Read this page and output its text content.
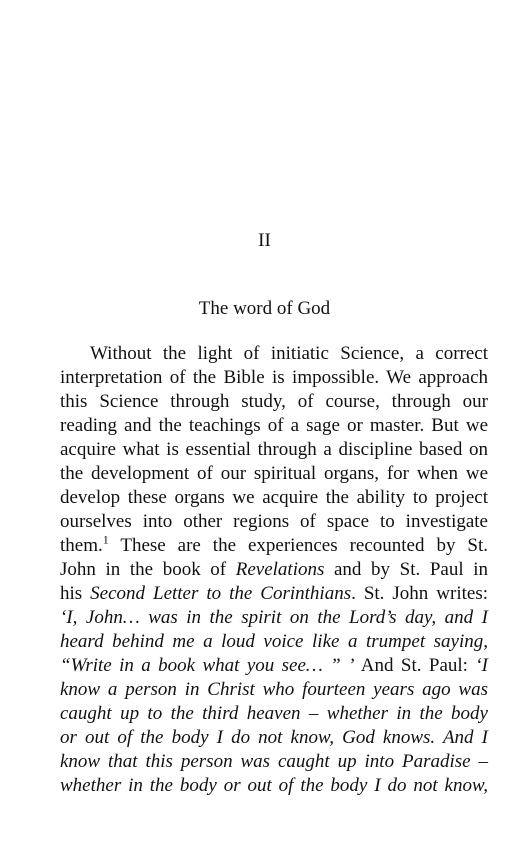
II
The word of God
Without the light of initiatic Science, a correct
interpretation of the Bible is impossible. We approach
this Science through study, of course, through our
reading and the teachings of a sage or master. But we
acquire what is essential through a discipline based on
the development of our spiritual organs, for when we
develop these organs we acquire the ability to project
ourselves into other regions of space to investigate
them.$^1$ These are the experiences recounted by St.
John in the book of Revelations and by St. Paul in
his Second Letter to the Corinthians. St. John writes:
‘I, John… was in the spirit on the Lord’s day, and I
heard behind me a loud voice like a trumpet saying,
“Write in a book what you see… ” ’ And St. Paul: ‘I
know a person in Christ who fourteen years ago was
caught up to the third heaven – whether in the body
or out of the body I do not know, God knows. And I
know that this person was caught up into Paradise –
whether in the body or out of the body I do not know,
